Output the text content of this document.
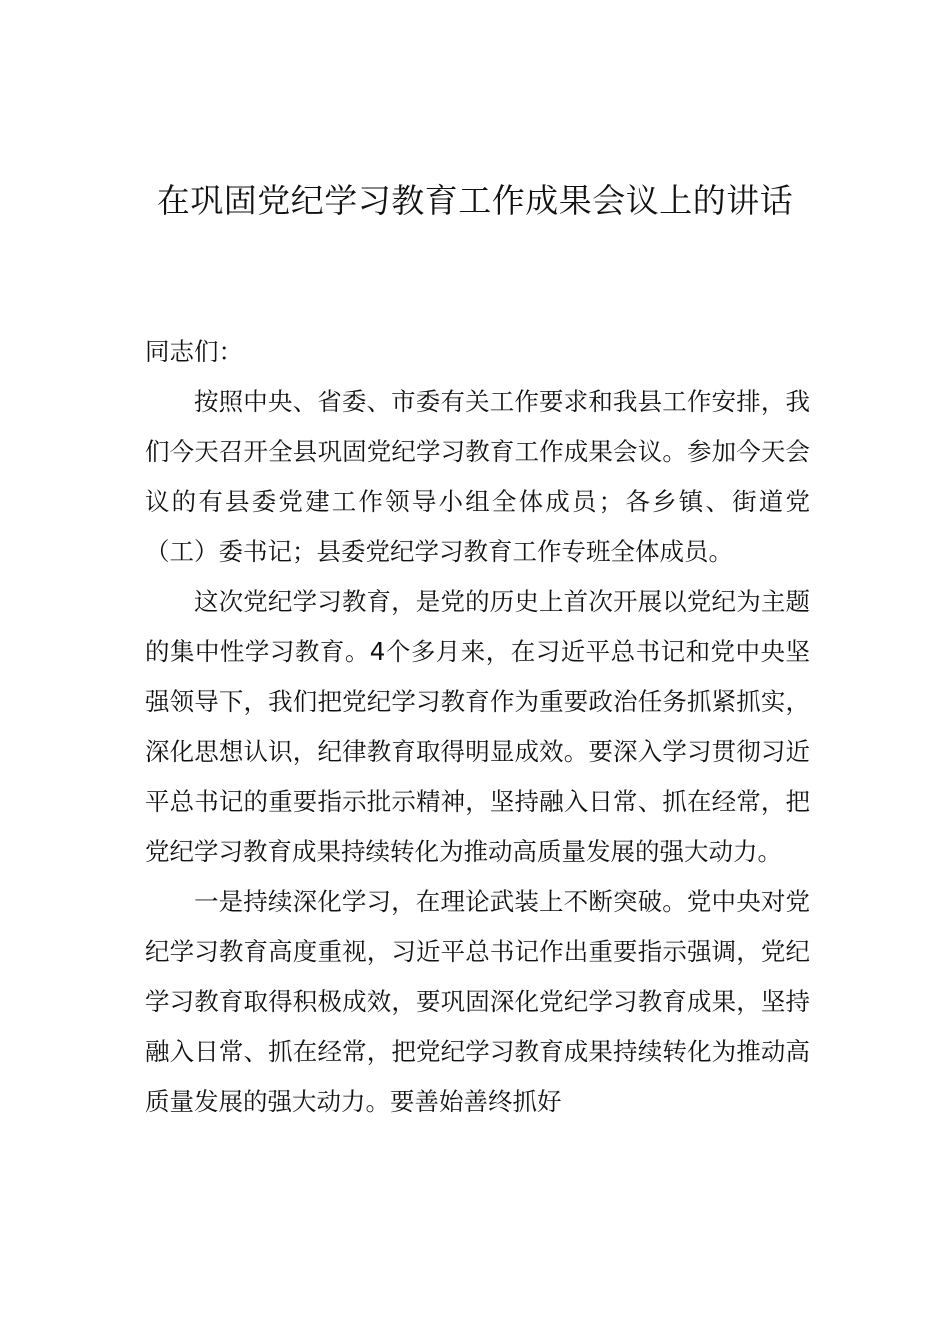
在巩固党纪学习教育工作成果会议上的讲话

同志们：

按照中央、省委、市委有关工作要求和我县工作安排，我们今天召开全县巩固党纪学习教育工作成果会议。参加今天会议的有县委党建工作领导小组全体成员；各乡镇、街道党（工）委书记；县委党纪学习教育工作专班全体成员。

这次党纪学习教育，是党的历史上首次开展以党纪为主题的集中性学习教育。4个多月来，在习近平总书记和党中央坚强领导下，我们把党纪学习教育作为重要政治任务抓紧抓实，深化思想认识，纪律教育取得明显成效。要深入学习贯彻习近平总书记的重要指示批示精神，坚持融入日常、抓在经常，把党纪学习教育成果持续转化为推动高质量发展的强大动力。

一是持续深化学习，在理论武装上不断突破。党中央对党纪学习教育高度重视，习近平总书记作出重要指示强调，党纪学习教育取得积极成效，要巩固深化党纪学习教育成果，坚持融入日常、抓在经常，把党纪学习教育成果持续转化为推动高质量发展的强大动力。要善始善终抓好
